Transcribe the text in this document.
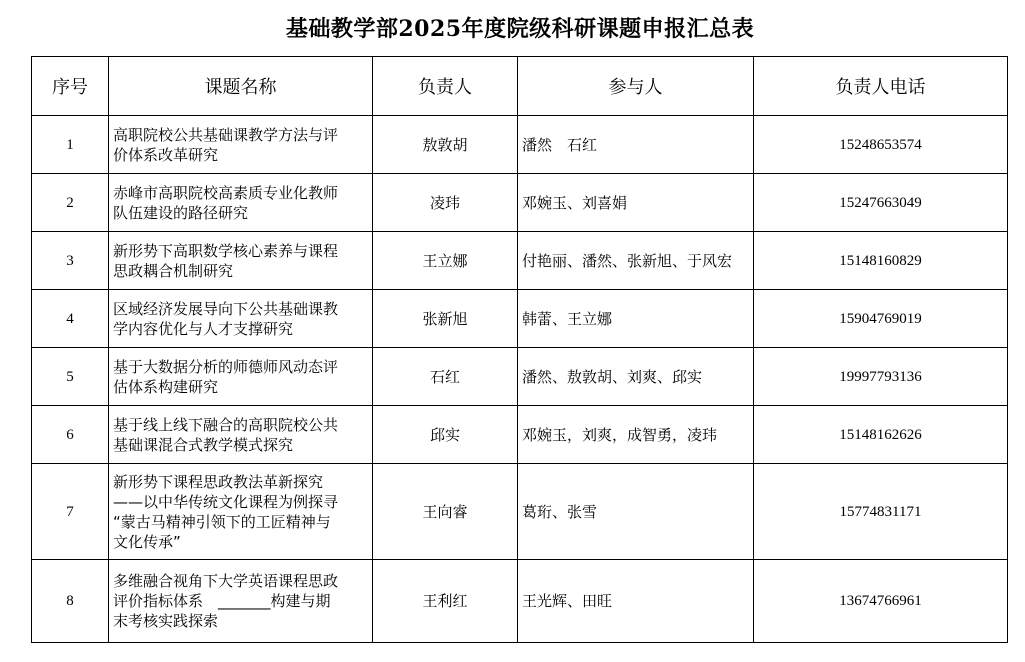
基础教学部2025年度院级科研课题申报汇总表
序号	课题名称	负责人	参与人	负责人电话
1	高职院校公共基础课教学方法与评
价体系改革研究	敖敦胡	潘然　石红	15248653574
2	赤峰市高职院校高素质专业化教师
队伍建设的路径研究	凌玮	邓婉玉、刘喜娟	15247663049
3	新形势下高职数学核心素养与课程
思政耦合机制研究	王立娜	付艳丽、潘然、张新旭、于风宏	15148160829
4	区域经济发展导向下公共基础课教
学内容优化与人才支撑研究	张新旭	韩蕾、王立娜	15904769019
5	基于大数据分析的师德师风动态评
估体系构建研究	石红	潘然、敖敦胡、刘爽、邱实	19997793136
6	基于线上线下融合的高职院校公共
基础课混合式教学模式探究	邱实	邓婉玉，刘爽，成智勇，凌玮	15148162626
7	新形势下课程思政教法革新探究
——以中华传统文化课程为例探寻
“蒙古马精神引领下的工匠精神与
文化传承”	王向睿	葛珩、张雪	15774831171
8	多维融合视角下大学英语课程思政
评价指标体系　_______构建与期
末考核实践探索	王利红	王光辉、田旺	13674766961
